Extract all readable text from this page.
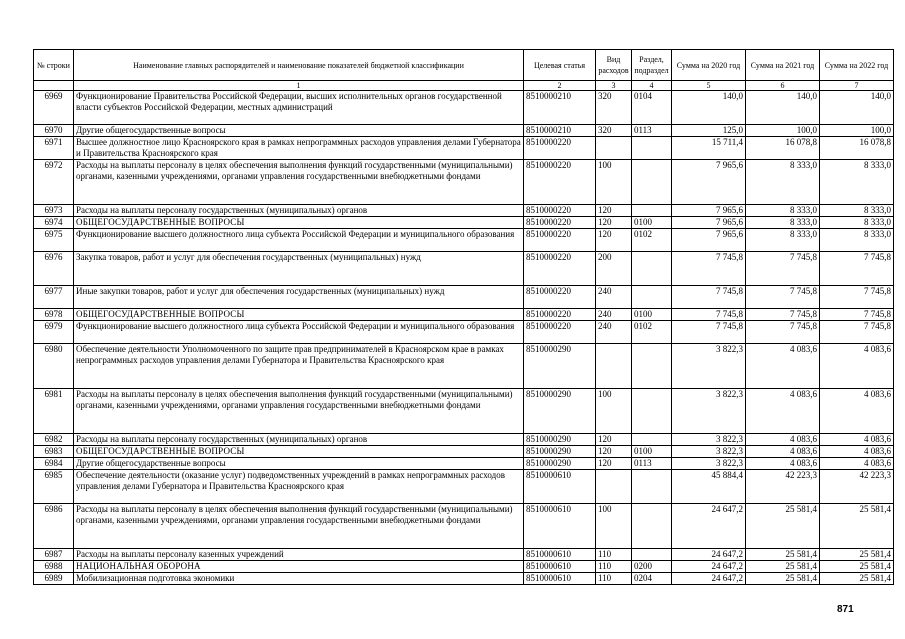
№ строки	Наименование главных распорядителей и наименование показателей бюджетной классификации	Целевая статья	Вид расходов	Раздел, подраздел	Сумма на 2020 год	Сумма на 2021 год	Сумма на 2022 год
	1	2	3	4	5	6	7
6969	Функционирование Правительства Российской Федерации, высших исполнительных органов государственной власти субъектов Российской Федерации, местных администраций	8510000210	320	0104	140,0	140,0	140,0
6970	Другие общегосударственные вопросы	8510000210	320	0113	125,0	100,0	100,0
6971	Высшее должностное лицо Красноярского края в рамках непрограммных расходов управления делами Губернатора и Правительства Красноярского края	8510000220			15 711,4	16 078,8	16 078,8
6972	Расходы на выплаты персоналу в целях обеспечения выполнения функций государственными (муниципальными) органами, казенными учреждениями, органами управления государственными внебюджетными фондами	8510000220	100		7 965,6	8 333,0	8 333,0
6973	Расходы на выплаты персоналу государственных (муниципальных) органов	8510000220	120		7 965,6	8 333,0	8 333,0
6974	ОБЩЕГОСУДАРСТВЕННЫЕ ВОПРОСЫ	8510000220	120	0100	7 965,6	8 333,0	8 333,0
6975	Функционирование высшего должностного лица субъекта Российской Федерации и муниципального образования	8510000220	120	0102	7 965,6	8 333,0	8 333,0
6976	Закупка товаров, работ и услуг для обеспечения государственных (муниципальных) нужд	8510000220	200		7 745,8	7 745,8	7 745,8
6977	Иные закупки товаров, работ и услуг для обеспечения государственных (муниципальных) нужд	8510000220	240		7 745,8	7 745,8	7 745,8
6978	ОБЩЕГОСУДАРСТВЕННЫЕ ВОПРОСЫ	8510000220	240	0100	7 745,8	7 745,8	7 745,8
6979	Функционирование высшего должностного лица субъекта Российской Федерации и муниципального образования	8510000220	240	0102	7 745,8	7 745,8	7 745,8
6980	Обеспечение деятельности Уполномоченного по защите прав предпринимателей в Красноярском крае в рамках непрограммных расходов управления делами Губернатора и Правительства Красноярского края	8510000290			3 822,3	4 083,6	4 083,6
6981	Расходы на выплаты персоналу в целях обеспечения выполнения функций государственными (муниципальными) органами, казенными учреждениями, органами управления государственными внебюджетными фондами	8510000290	100		3 822,3	4 083,6	4 083,6
6982	Расходы на выплаты персоналу государственных (муниципальных) органов	8510000290	120		3 822,3	4 083,6	4 083,6
6983	ОБЩЕГОСУДАРСТВЕННЫЕ ВОПРОСЫ	8510000290	120	0100	3 822,3	4 083,6	4 083,6
6984	Другие общегосударственные вопросы	8510000290	120	0113	3 822,3	4 083,6	4 083,6
6985	Обеспечение деятельности (оказание услуг) подведомственных учреждений в рамках непрограммных расходов управления делами Губернатора и Правительства Красноярского края	8510000610			45 884,4	42 223,3	42 223,3
6986	Расходы на выплаты персоналу в целях обеспечения выполнения функций государственными (муниципальными) органами, казенными учреждениями, органами управления государственными внебюджетными фондами	8510000610	100		24 647,2	25 581,4	25 581,4
6987	Расходы на выплаты персоналу казенных учреждений	8510000610	110		24 647,2	25 581,4	25 581,4
6988	НАЦИОНАЛЬНАЯ ОБОРОНА	8510000610	110	0200	24 647,2	25 581,4	25 581,4
6989	Мобилизационная подготовка экономики	8510000610	110	0204	24 647,2	25 581,4	25 581,4
871
